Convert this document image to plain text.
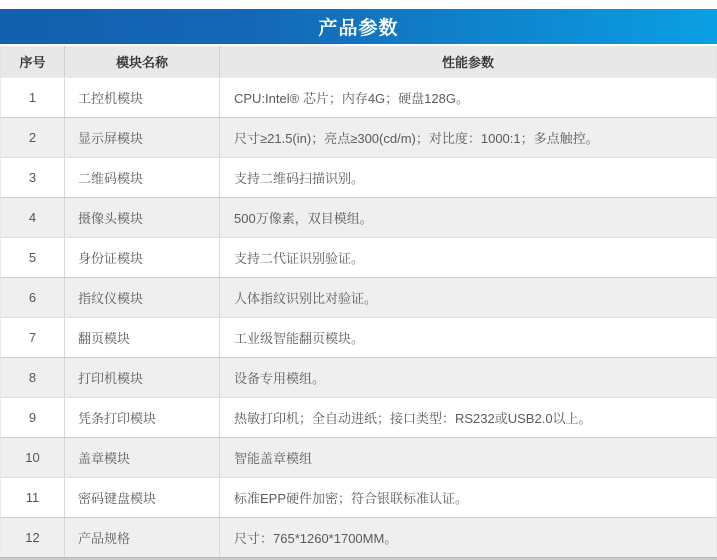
产品参数
序号	模块名称	性能参数
1	工控机模块	CPU:Intel® 芯片；内存4G；硬盘128G。
2	显示屏模块	尺寸≥21.5(in)；亮点≥300(cd/m)；对比度：1000:1；多点触控。
3	二维码模块	支持二维码扫描识别。
4	摄像头模块	500万像素，双目模组。
5	身份证模块	支持二代证识别验证。
6	指纹仪模块	人体指纹识别比对验证。
7	翻页模块	工业级智能翻页模块。
8	打印机模块	设备专用模组。
9	凭条打印模块	热敏打印机；全自动进纸；接口类型：RS232或USB2.0以上。
10	盖章模块	智能盖章模组
11	密码键盘模块	标准EPP硬件加密；符合银联标准认证。
12	产品规格	尺寸：765*1260*1700MM。
